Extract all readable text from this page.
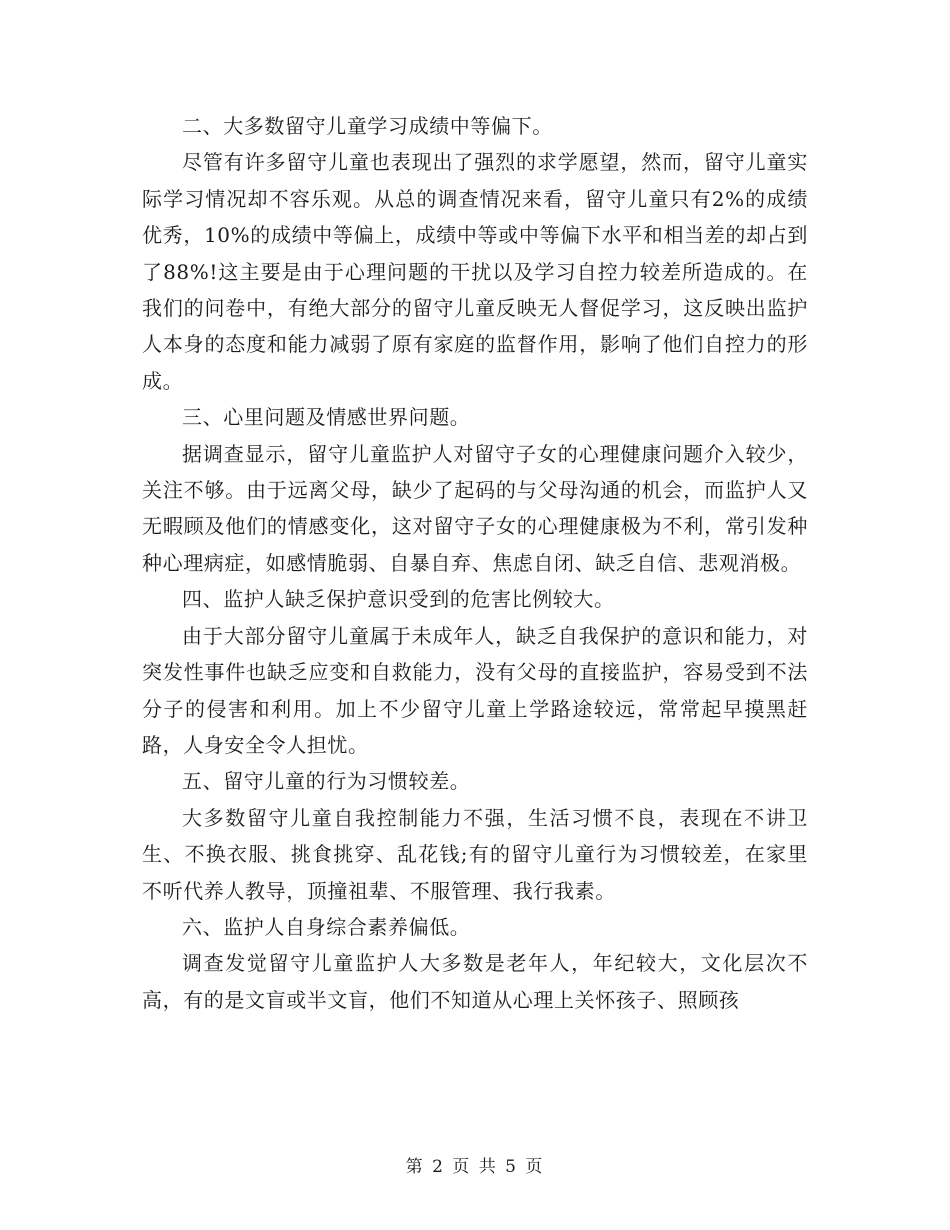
二、大多数留守儿童学习成绩中等偏下。

尽管有许多留守儿童也表现出了强烈的求学愿望，然而，留守儿童实际学习情况却不容乐观。从总的调查情况来看，留守儿童只有2%的成绩优秀，10%的成绩中等偏上，成绩中等或中等偏下水平和相当差的却占到了88%!这主要是由于心理问题的干扰以及学习自控力较差所造成的。在我们的问卷中，有绝大部分的留守儿童反映无人督促学习，这反映出监护人本身的态度和能力减弱了原有家庭的监督作用，影响了他们自控力的形成。

三、心里问题及情感世界问题。

据调查显示，留守儿童监护人对留守子女的心理健康问题介入较少，关注不够。由于远离父母，缺少了起码的与父母沟通的机会，而监护人又无暇顾及他们的情感变化，这对留守子女的心理健康极为不利，常引发种种心理病症，如感情脆弱、自暴自弃、焦虑自闭、缺乏自信、悲观消极。

四、监护人缺乏保护意识受到的危害比例较大。

由于大部分留守儿童属于未成年人，缺乏自我保护的意识和能力，对突发性事件也缺乏应变和自救能力，没有父母的直接监护，容易受到不法分子的侵害和利用。加上不少留守儿童上学路途较远，常常起早摸黑赶路，人身安全令人担忧。

五、留守儿童的行为习惯较差。

大多数留守儿童自我控制能力不强，生活习惯不良，表现在不讲卫生、不换衣服、挑食挑穿、乱花钱;有的留守儿童行为习惯较差，在家里不听代养人教导，顶撞祖辈、不服管理、我行我素。

六、监护人自身综合素养偏低。

调查发觉留守儿童监护人大多数是老年人，年纪较大，文化层次不高，有的是文盲或半文盲，他们不知道从心理上关怀孩子、照顾孩

第 2 页 共 5 页
